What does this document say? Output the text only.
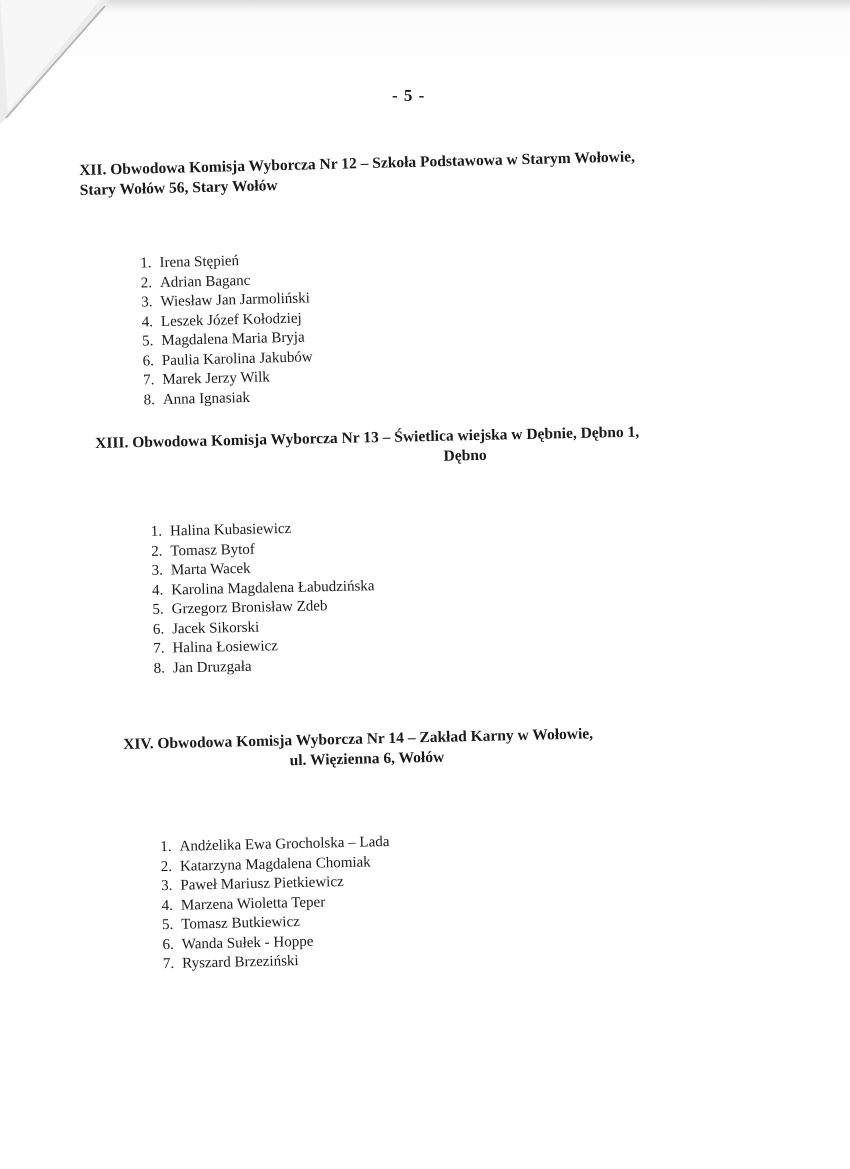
- 5 -
XII. Obwodowa Komisja Wyborcza Nr 12 – Szkoła Podstawowa w Starym Wołowie,
Stary Wołów 56, Stary Wołów
1. Irena Stępień
2. Adrian Baganc
3. Wiesław Jan Jarmoliński
4. Leszek Józef Kołodziej
5. Magdalena Maria Bryja
6. Paulia Karolina Jakubów
7. Marek Jerzy Wilk
8. Anna Ignasiak
XIII. Obwodowa Komisja Wyborcza Nr 13 – Świetlica wiejska w Dębnie, Dębno 1,
Dębno
1. Halina Kubasiewicz
2. Tomasz Bytof
3. Marta Wacek
4. Karolina Magdalena Łabudzińska
5. Grzegorz Bronisław Zdeb
6. Jacek Sikorski
7. Halina Łosiewicz
8. Jan Druzgała
XIV. Obwodowa Komisja Wyborcza Nr 14 – Zakład Karny w Wołowie,
ul. Więzienna 6, Wołów
1. Andżelika Ewa Grocholska – Lada
2. Katarzyna Magdalena Chomiak
3. Paweł Mariusz Pietkiewicz
4. Marzena Wioletta Teper
5. Tomasz Butkiewicz
6. Wanda Sułek - Hoppe
7. Ryszard Brzeziński
